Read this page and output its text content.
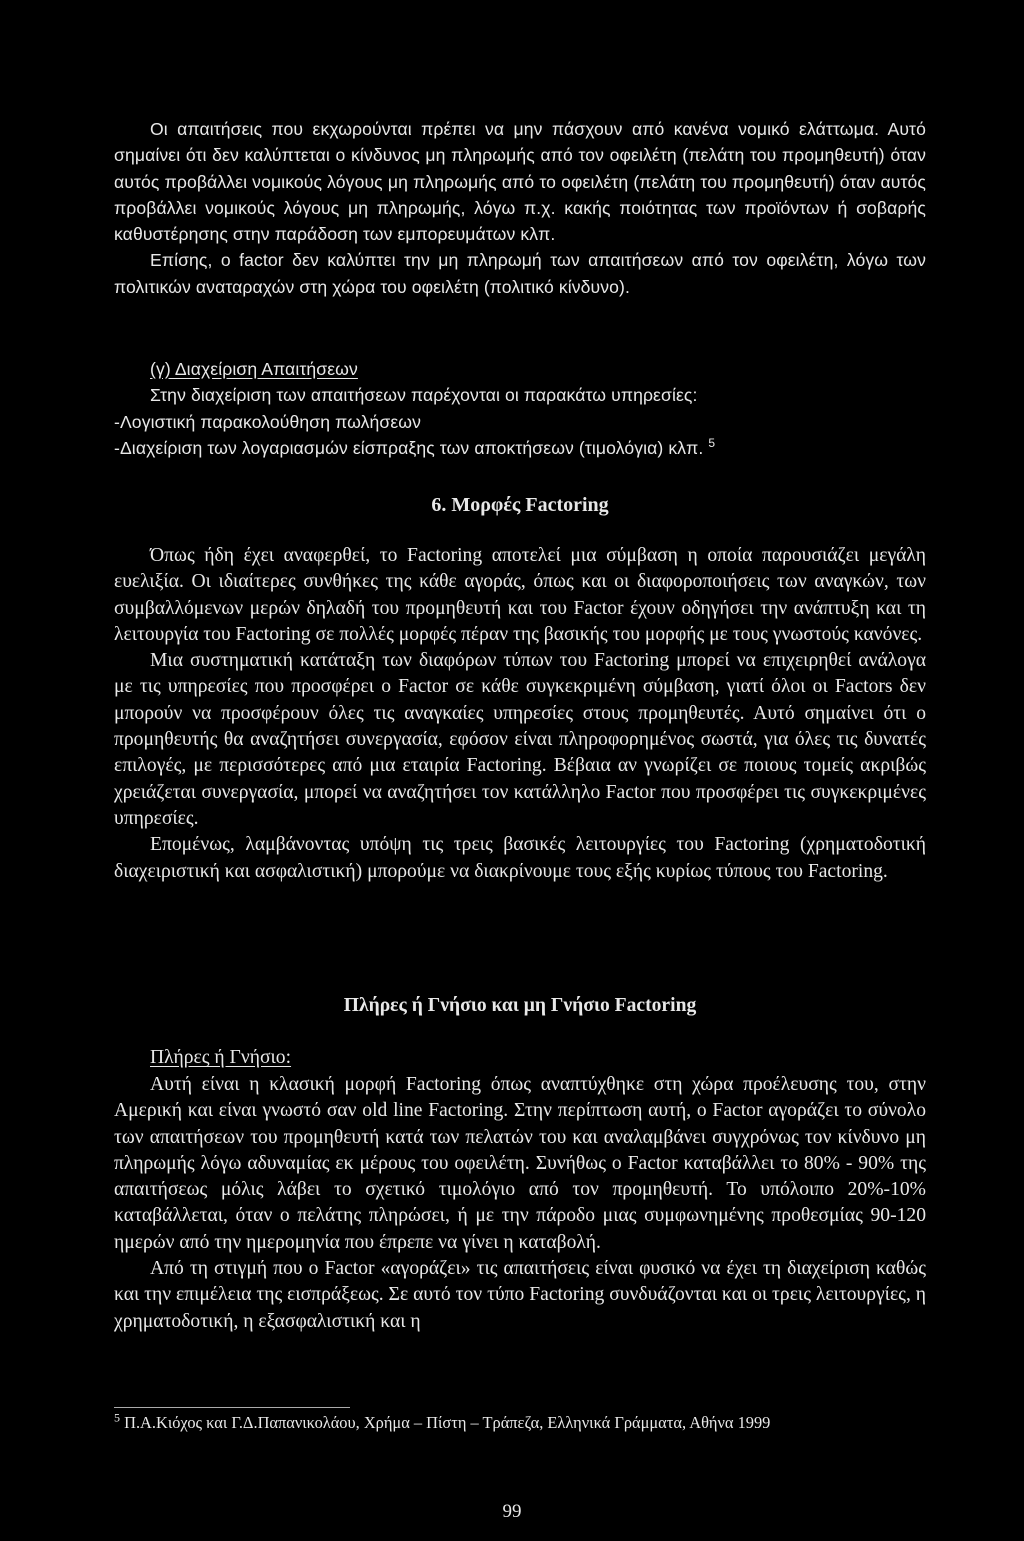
Οι απαιτήσεις που εκχωρούνται πρέπει να μην πάσχουν από κανένα νομικό ελάττωμα. Αυτό σημαίνει ότι δεν καλύπτεται ο κίνδυνος μη πληρωμής από τον οφειλέτη (πελάτη του προμηθευτή) όταν αυτός προβάλλει νομικούς λόγους μη πληρωμής από το οφειλέτη (πελάτη του προμηθευτή) όταν αυτός προβάλλει νομικούς λόγους μη πληρωμής, λόγω π.χ. κακής ποιότητας των προϊόντων ή σοβαρής καθυστέρησης στην παράδοση των εμπορευμάτων κλπ.

Επίσης, ο factor δεν καλύπτει την μη πληρωμή των απαιτήσεων από τον οφειλέτη, λόγω των πολιτικών αναταραχών στη χώρα του οφειλέτη (πολιτικό κίνδυνο).

(γ) Διαχείριση Απαιτήσεων
Στην διαχείριση των απαιτήσεων παρέχονται οι παρακάτω υπηρεσίες:
-Λογιστική παρακολούθηση πωλήσεων
-Διαχείριση των λογαριασμών είσπραξης των αποκτήσεων (τιμολόγια) κλπ. $^5$
6. Μορφές Factoring

Όπως ήδη έχει αναφερθεί, το Factoring αποτελεί μια σύμβαση η οποία παρουσιάζει μεγάλη ευελιξία. Οι ιδιαίτερες συνθήκες της κάθε αγοράς, όπως και οι διαφοροποιήσεις των αναγκών, των συμβαλλόμενων μερών δηλαδή του προμηθευτή και του Factor έχουν οδηγήσει την ανάπτυξη και τη λειτουργία του Factoring σε πολλές μορφές πέραν της βασικής του μορφής με τους γνωστούς κανόνες.

Μια συστηματική κατάταξη των διαφόρων τύπων του Factoring μπορεί να επιχειρηθεί ανάλογα με τις υπηρεσίες που προσφέρει ο Factor σε κάθε συγκεκριμένη σύμβαση, γιατί όλοι οι Factors δεν μπορούν να προσφέρουν όλες τις αναγκαίες υπηρεσίες στους προμηθευτές. Αυτό σημαίνει ότι ο προμηθευτής θα αναζητήσει συνεργασία, εφόσον είναι πληροφορημένος σωστά, για όλες τις δυνατές επιλογές, με περισσότερες από μια εταιρία Factoring. Βέβαια αν γνωρίζει σε ποιους τομείς ακριβώς χρειάζεται συνεργασία, μπορεί να αναζητήσει τον κατάλληλο Factor που προσφέρει τις συγκεκριμένες υπηρεσίες.

Επομένως, λαμβάνοντας υπόψη τις τρεις βασικές λειτουργίες του Factoring (χρηματοδοτική διαχειριστική και ασφαλιστική) μπορούμε να διακρίνουμε τους εξής κυρίως τύπους του Factoring.

Πλήρες ή Γνήσιο και μη Γνήσιο Factoring
Πλήρες ή Γνήσιο:

Αυτή είναι η κλασική μορφή Factoring όπως αναπτύχθηκε στη χώρα προέλευσης του, στην Αμερική και είναι γνωστό σαν old line Factoring. Στην περίπτωση αυτή, ο Factor αγοράζει το σύνολο των απαιτήσεων του προμηθευτή κατά των πελατών του και αναλαμβάνει συγχρόνως τον κίνδυνο μη πληρωμής λόγω αδυναμίας εκ μέρους του οφειλέτη. Συνήθως ο Factor καταβάλλει το 80% - 90% της απαιτήσεως μόλις λάβει το σχετικό τιμολόγιο από τον προμηθευτή. Το υπόλοιπο 20%-10% καταβάλλεται, όταν ο πελάτης πληρώσει, ή με την πάροδο μιας συμφωνημένης προθεσμίας 90-120 ημερών από την ημερομηνία που έπρεπε να γίνει η καταβολή.

Από τη στιγμή που ο Factor «αγοράζει» τις απαιτήσεις είναι φυσικό να έχει τη διαχείριση καθώς και την επιμέλεια της εισπράξεως. Σε αυτό τον τύπο Factoring συνδυάζονται και οι τρεις λειτουργίες, η χρηματοδοτική, η εξασφαλιστική και η

$^5$ Π.Α.Κιόχος και Γ.Δ.Παπανικολάου, Χρήμα – Πίστη – Τράπεζα, Ελληνικά Γράμματα, Αθήνα 1999
99
